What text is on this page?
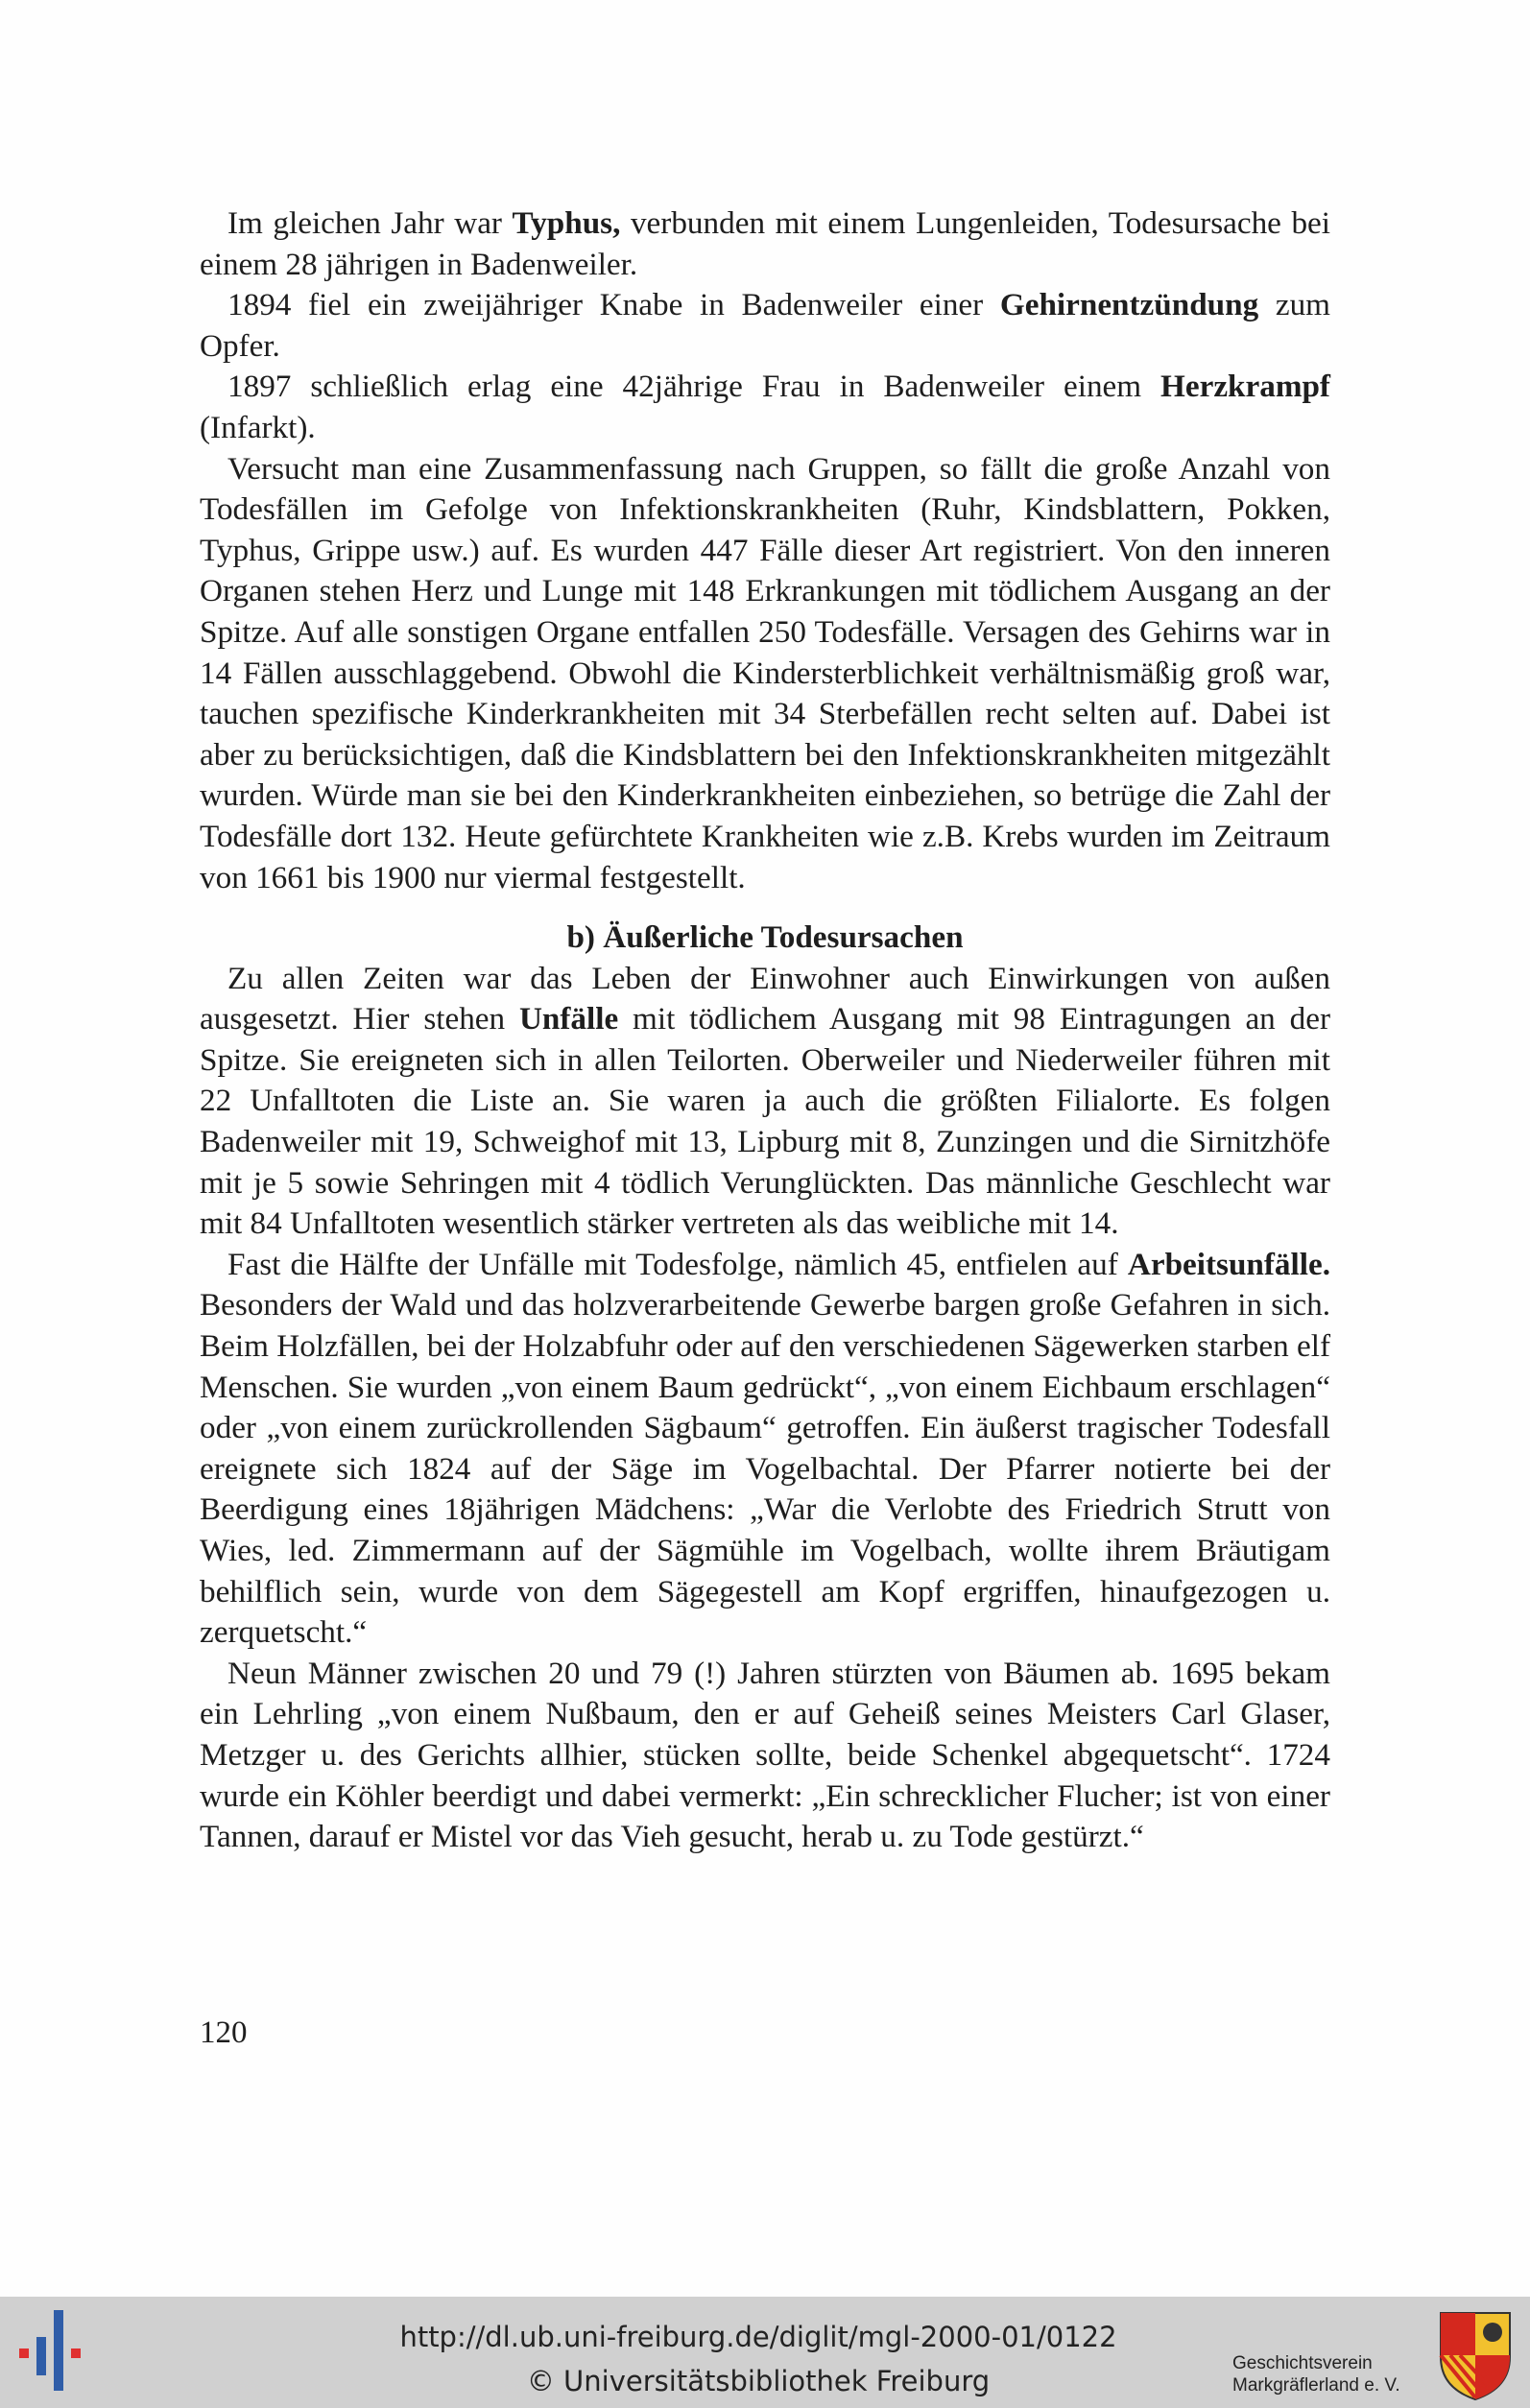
Im gleichen Jahr war Typhus, verbunden mit einem Lungenleiden, Todesursache bei einem 28 jährigen in Badenweiler.

1894 fiel ein zweijähriger Knabe in Badenweiler einer Gehirnentzündung zum Opfer.

1897 schließlich erlag eine 42jährige Frau in Badenweiler einem Herzkrampf (Infarkt).

Versucht man eine Zusammenfassung nach Gruppen, so fällt die große Anzahl von Todesfällen im Gefolge von Infektionskrankheiten (Ruhr, Kindsblattern, Pokken, Typhus, Grippe usw.) auf. Es wurden 447 Fälle dieser Art registriert. Von den inneren Organen stehen Herz und Lunge mit 148 Erkrankungen mit tödlichem Ausgang an der Spitze. Auf alle sonstigen Organe entfallen 250 Todesfälle. Versagen des Gehirns war in 14 Fällen ausschlaggebend. Obwohl die Kindersterblichkeit verhältnismäßig groß war, tauchen spezifische Kinderkrankheiten mit 34 Sterbefällen recht selten auf. Dabei ist aber zu berücksichtigen, daß die Kindsblattern bei den Infektionskrankheiten mitgezählt wurden. Würde man sie bei den Kinderkrankheiten einbeziehen, so betrüge die Zahl der Todesfälle dort 132. Heute gefürchtete Krankheiten wie z.B. Krebs wurden im Zeitraum von 1661 bis 1900 nur viermal festgestellt.

b) Äußerliche Todesursachen

Zu allen Zeiten war das Leben der Einwohner auch Einwirkungen von außen ausgesetzt. Hier stehen Unfälle mit tödlichem Ausgang mit 98 Eintragungen an der Spitze. Sie ereigneten sich in allen Teilorten. Oberweiler und Niederweiler führen mit 22 Unfalltoten die Liste an. Sie waren ja auch die größten Filialorte. Es folgen Badenweiler mit 19, Schweighof mit 13, Lipburg mit 8, Zunzingen und die Sirnitzhöfe mit je 5 sowie Sehringen mit 4 tödlich Verunglückten. Das männliche Geschlecht war mit 84 Unfalltoten wesentlich stärker vertreten als das weibliche mit 14.

Fast die Hälfte der Unfälle mit Todesfolge, nämlich 45, entfielen auf Arbeitsunfälle. Besonders der Wald und das holzverarbeitende Gewerbe bargen große Gefahren in sich. Beim Holzfällen, bei der Holzabfuhr oder auf den verschiedenen Sägewerken starben elf Menschen. Sie wurden „von einem Baum gedrückt“, „von einem Eichbaum erschlagen“ oder „von einem zurückrollenden Sägbaum“ getroffen. Ein äußerst tragischer Todesfall ereignete sich 1824 auf der Säge im Vogelbachtal. Der Pfarrer notierte bei der Beerdigung eines 18jährigen Mädchens: „War die Verlobte des Friedrich Strutt von Wies, led. Zimmermann auf der Sägmühle im Vogelbach, wollte ihrem Bräutigam behilflich sein, wurde von dem Sägegestell am Kopf ergriffen, hinaufgezogen u. zerquetscht.“

Neun Männer zwischen 20 und 79 (!) Jahren stürzten von Bäumen ab. 1695 bekam ein Lehrling „von einem Nußbaum, den er auf Geheiß seines Meisters Carl Glaser, Metzger u. des Gerichts allhier, stücken sollte, beide Schenkel abgequetscht“. 1724 wurde ein Köhler beerdigt und dabei vermerkt: „Ein schrecklicher Flucher; ist von einer Tannen, darauf er Mistel vor das Vieh gesucht, herab u. zu Tode gestürzt.“

120
http://dl.ub.uni-freiburg.de/diglit/mgl-2000-01/0122
© Universitätsbibliothek Freiburg
Geschichtsverein
Markgräflerland e. V.
